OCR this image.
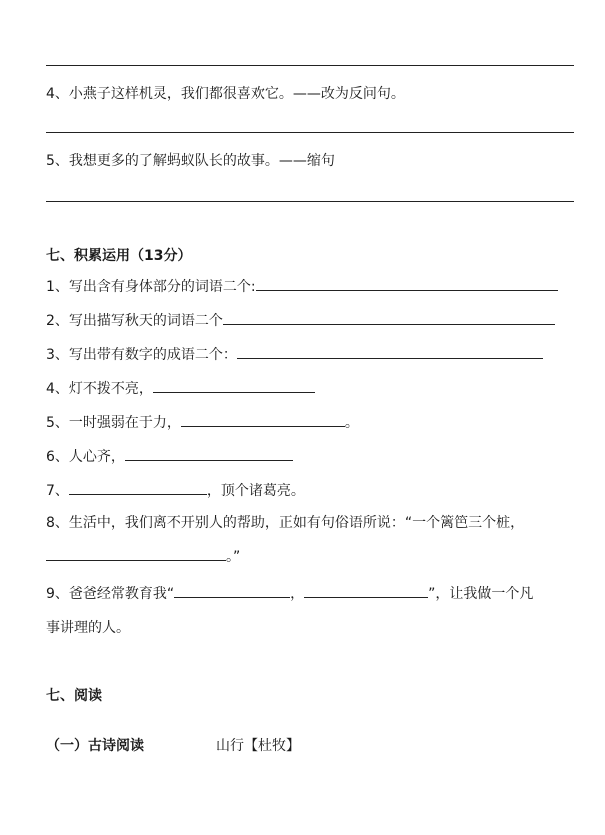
4、小燕子这样机灵，我们都很喜欢它。——改为反问句。
5、我想更多的了解蚂蚁队长的故事。——缩句
七、积累运用（13分）
1、写出含有身体部分的词语二个:
2、写出描写秋天的词语二个
3、写出带有数字的成语二个：
4、灯不拨不亮，
5、一时强弱在于力，	。
6、人心齐，
7、	，顶个诸葛亮。
8、生活中，我们离不开别人的帮助，正如有句俗语所说：“一个篱笆三个桩，
。”
9、爸爸经常教育我“	，	”，让我做一个凡
事讲理的人。
七、阅读
（一）古诗阅读	山行【杜牧】
